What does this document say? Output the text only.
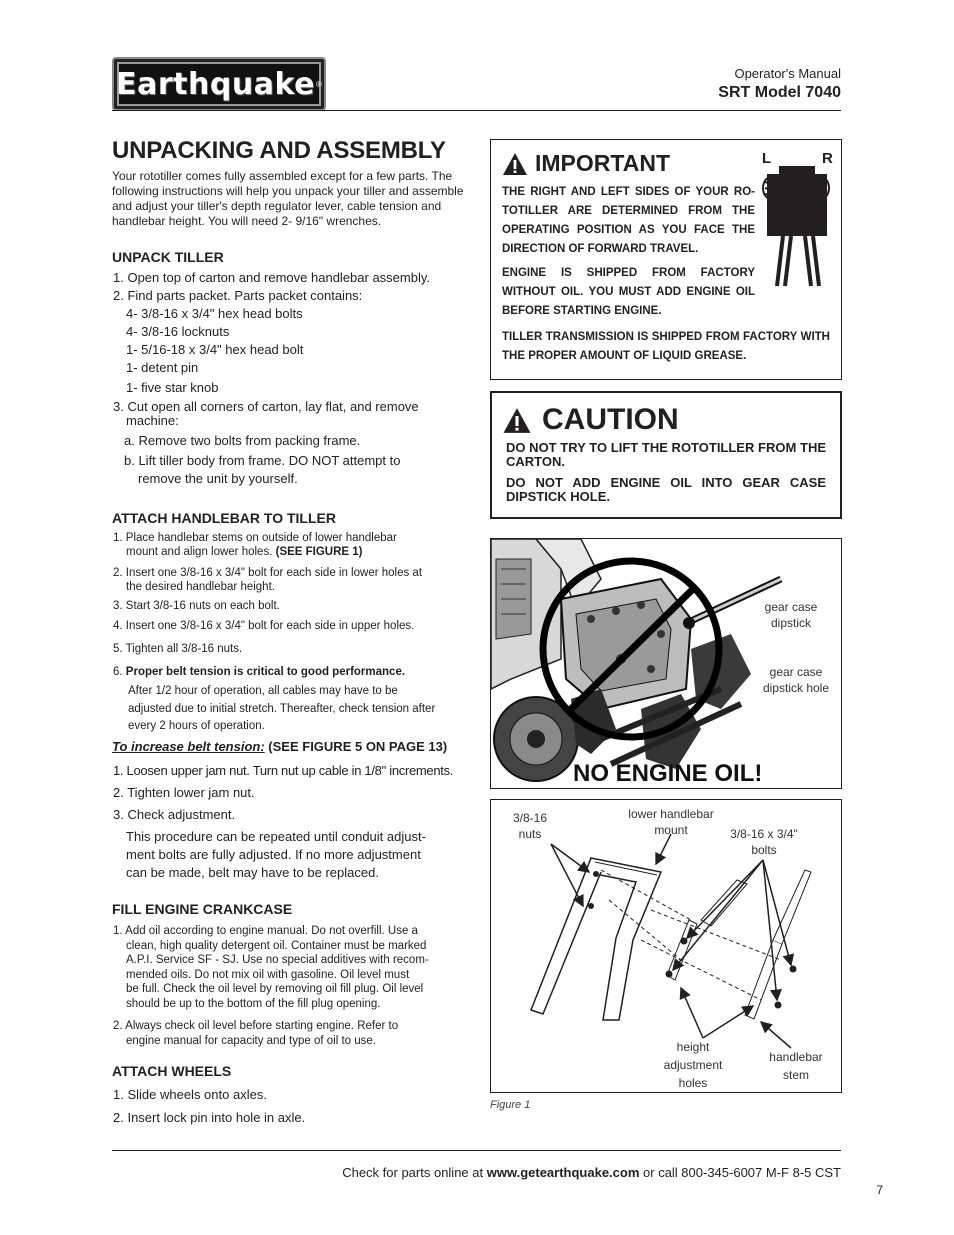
Earthquake ®
Operator's Manual
SRT Model 7040
UNPACKING AND ASSEMBLY
Your rototiller comes fully assembled except for a few parts. The following instructions will help you unpack your tiller and assemble and adjust your tiller's depth regulator lever, cable tension and handlebar height. You will need 2- 9/16" wrenches.
UNPACK TILLER
1. Open top of carton and remove handlebar assembly.
2. Find parts packet. Parts packet contains:
4- 3/8-16 x 3/4" hex head bolts
4- 3/8-16 locknuts
1- 5/16-18 x 3/4" hex head bolt
1- detent pin
1- five star knob
3. Cut open all corners of carton, lay flat, and remove
machine:
a. Remove two bolts from packing frame.
b. Lift tiller body from frame. DO NOT attempt to
remove the unit by yourself.
ATTACH HANDLEBAR TO TILLER
1. Place handlebar stems on outside of lower handlebar
mount and align lower holes. (SEE FIGURE 1)
2. Insert one 3/8-16 x 3/4" bolt for each side in lower holes at
the desired handlebar height.
3. Start 3/8-16 nuts on each bolt.
4. Insert one 3/8-16 x 3/4" bolt for each side in upper holes.
5. Tighten all 3/8-16 nuts.
6. Proper belt tension is critical to good performance.
After 1/2 hour of operation, all cables may have to be
adjusted due to initial stretch. Thereafter, check tension after
every 2 hours of operation.
To increase belt tension: (SEE FIGURE 5 ON PAGE 13)
1. Loosen upper jam nut. Turn nut up cable in 1/8" increments.
2. Tighten lower jam nut.
3. Check adjustment.
This procedure can be repeated until conduit adjust-
ment bolts are fully adjusted. If no more adjustment
can be made, belt may have to be replaced.
FILL ENGINE CRANKCASE
1. Add oil according to engine manual. Do not overfill. Use a
clean, high quality detergent oil. Container must be marked
A.P.I. Service SF - SJ. Use no special additives with recom-
mended oils. Do not mix oil with gasoline. Oil level must
be full. Check the oil level by removing oil fill plug. Oil level
should be up to the bottom of the fill plug opening.
2. Always check oil level before starting engine. Refer to
engine manual for capacity and type of oil to use.
ATTACH WHEELS
1. Slide wheels onto axles.
2. Insert lock pin into hole in axle.
IMPORTANT
THE RIGHT AND LEFT SIDES OF YOUR RO- TOTILLER ARE DETERMINED FROM THE OPERATING POSITION AS YOU FACE THE DIRECTION OF FORWARD TRAVEL.
ENGINE IS SHIPPED FROM FACTORY WITHOUT OIL. YOU MUST ADD ENGINE OIL BEFORE STARTING ENGINE.
TILLER TRANSMISSION IS SHIPPED FROM FACTORY WITH THE PROPER AMOUNT OF LIQUID GREASE.
L	R
CAUTION
DO NOT TRY TO LIFT THE ROTOTILLER FROM THE CARTON.
DO NOT ADD ENGINE OIL INTO GEAR CASE DIPSTICK HOLE.
gear case dipstick
gear case dipstick hole
NO ENGINE OIL!
3/8-16 nuts
lower handlebar mount	3/8-16 x 3/4" bolts
height adjustment holes
handlebar stem
Figure 1
Check for parts online at www.getearthquake.com or call 800-345-6007 M-F 8-5 CST
7
